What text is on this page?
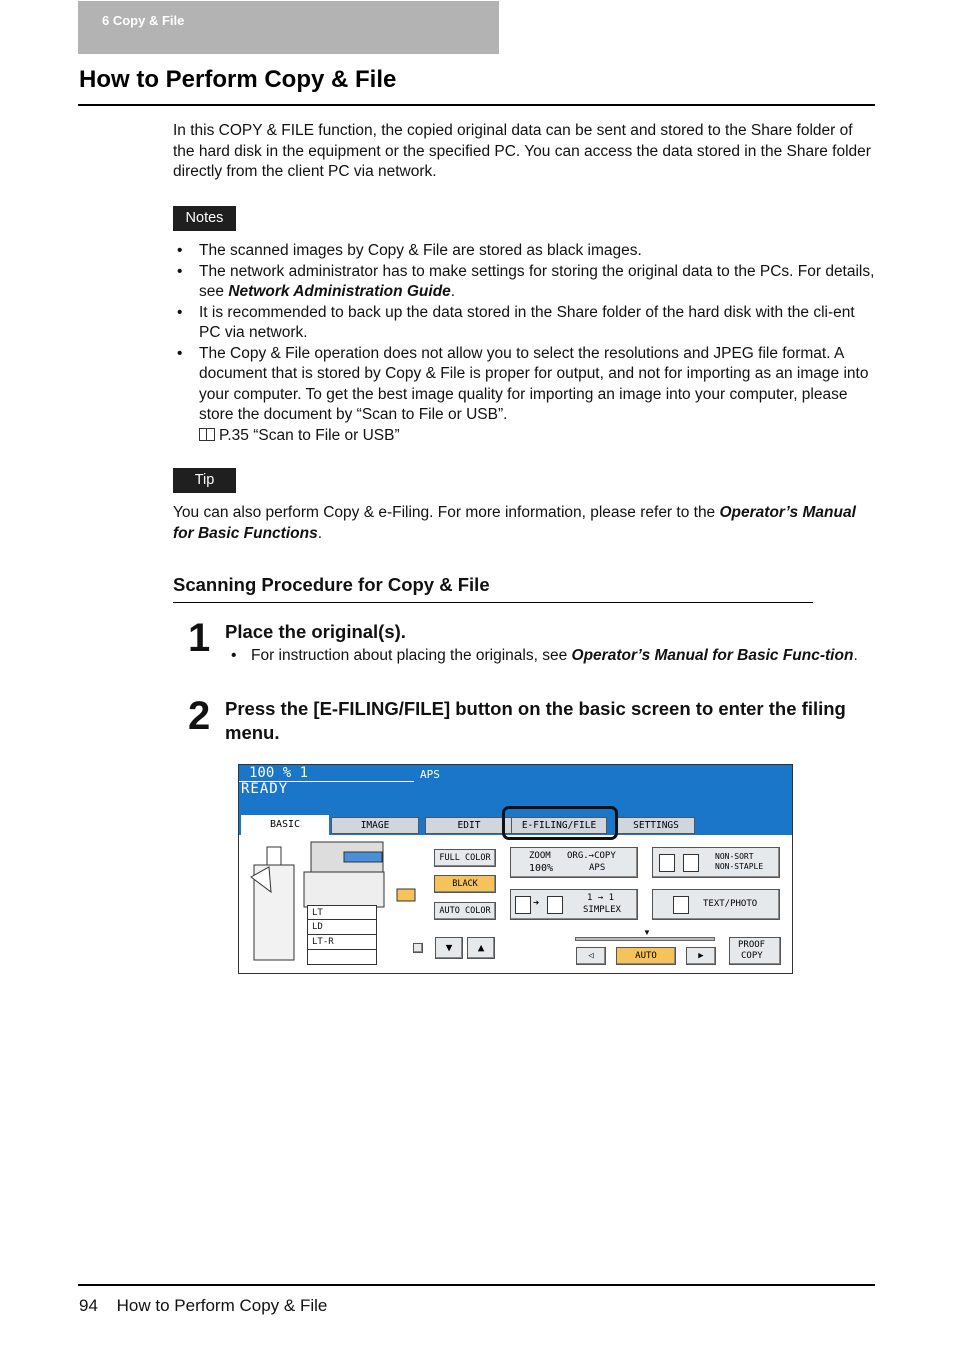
6 Copy & File
How to Perform Copy & File

In this COPY & FILE function, the copied original data can be sent and stored to the Share folder of the hard disk in the equipment or the specified PC. You can access the data stored in the Share folder directly from the client PC via network.

Notes
• The scanned images by Copy & File are stored as black images.
• The network administrator has to make settings for storing the original data to the PCs. For details, see Network Administration Guide.
• It is recommended to back up the data stored in the Share folder of the hard disk with the cli-ent PC via network.
• The Copy & File operation does not allow you to select the resolutions and JPEG file format. A document that is stored by Copy & File is proper for output, and not for importing as an image into your computer. To get the best image quality for importing an image into your computer, please store the document by “Scan to File or USB”.
P.35 “Scan to File or USB”
Tip

You can also perform Copy & e-Filing. For more information, please refer to the Operator’s Manual for Basic Functions.

Scanning Procedure for Copy & File
1 Place the original(s).
• For instruction about placing the originals, see Operator’s Manual for Basic Func-tion.
2 Press the [E-FILING/FILE] button on the basic screen to enter the filing menu.
100 % 1	APS
READY
BASIC	IMAGE	EDIT	E-FILING/FILE	SETTINGS
LT
LD
LT-R
FULL COLOR
BLACK
AUTO COLOR
▼	▲
ZOOM
100%
ORG.→COPY
APS
NON-SORT
NON-STAPLE
➜	1 → 1
SIMPLEX
TEXT/PHOTO
▼
◁	AUTO	▶
PROOF
COPY
94 How to Perform Copy & File
